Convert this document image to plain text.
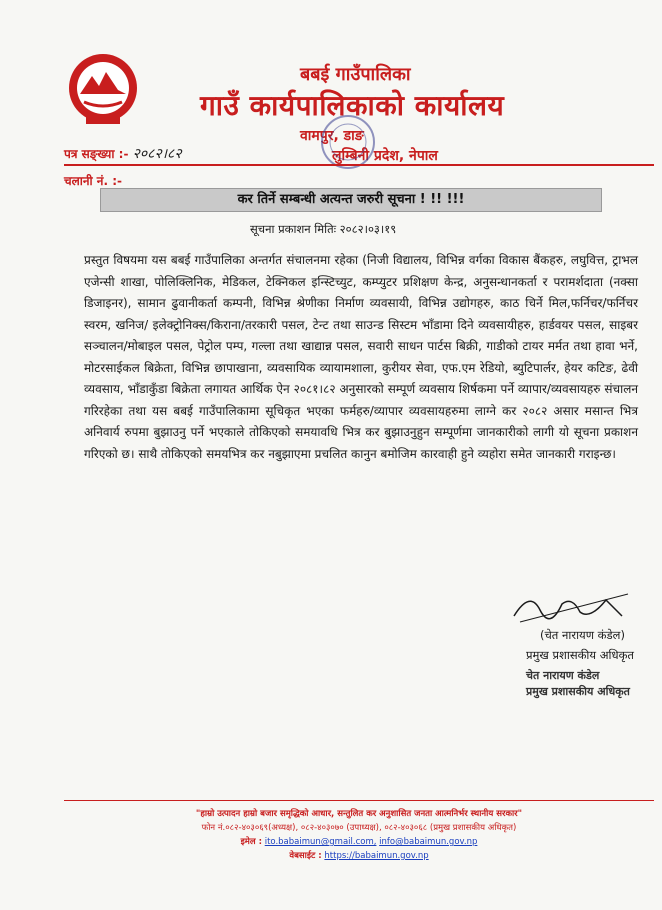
बबई गाउँपालिका
गाउँ कार्यपालिकाको कार्यालय
वामपुर, डाङ
लुम्बिनी प्रदेश, नेपाल
पत्र सङ्ख्या :- २०८२।८२
चलानी नं. :-
कर तिर्ने सम्बन्धी अत्यन्त जरुरी सूचना ! !! !!!
सूचना प्रकाशन मितिः २०८२।०३।१९
प्रस्तुत विषयमा यस बबई गाउँपालिका अन्तर्गत संचालनमा रहेका (निजी विद्यालय, विभिन्न वर्गका विकास बैंकहरु, लघुवित्त, ट्राभल एजेन्सी शाखा, पोलिक्लिनिक, मेडिकल, टेक्निकल इन्स्टिच्युट, कम्प्युटर प्रशिक्षण केन्द्र, अनुसन्धानकर्ता र परामर्शदाता (नक्सा डिजाइनर), सामान ढुवानीकर्ता कम्पनी, विभिन्न श्रेणीका निर्माण व्यवसायी, विभिन्न उद्योगहरु, काठ चिर्ने मिल,फर्निचर/फर्निचर स्वरम, खनिज/ इलेक्ट्रोनिक्स/किराना/तरकारी पसल, टेन्ट तथा साउन्ड सिस्टम भाँडामा दिने व्यवसायीहरु, हार्डवयर पसल, साइबर सञ्चालन/मोबाइल पसल, पेट्रोल पम्प, गल्ला तथा खाद्यान्न पसल, सवारी साधन पार्टस बिक्री, गाडीको टायर मर्मत तथा हावा भर्ने, मोटरसाईकल बिक्रेता, विभिन्न छापाखाना, व्यवसायिक व्यायामशाला, कुरीयर सेवा, एफ.एम रेडियो, ब्युटिपार्लर, हेयर कटिङ, ढेवी व्यवसाय, भाँडाकुँडा बिक्रेता लगायत आर्थिक ऐन २०८१।८२ अनुसारको सम्पूर्ण व्यवसाय शिर्षकमा पर्ने व्यापार/व्यवसायहरु संचालन गरिरहेका तथा यस बबई गाउँपालिकामा सूचिकृत भएका फर्महरु/व्यापार व्यवसायहरुमा लाग्ने कर २०८२ असार मसान्त भित्र अनिवार्य रुपमा बुझाउनु पर्ने भएकाले तोकिएको समयावधि भित्र कर बुझाउनुहुन सम्पूर्णमा जानकारीको लागी यो सूचना प्रकाशन गरिएको छ। साथै तोकिएको समयभित्र कर नबुझाएमा प्रचलित कानुन बमोजिम कारवाही हुने व्यहोरा समेत जानकारी गराइन्छ।
(चेत नारायण कंडेल)
प्रमुख प्रशासकीय अधिकृत
चेत नारायण कंडेल
प्रमुख प्रशासकीय अधिकृत
"हाम्रो उत्पादन हाम्रो बजार समृद्धिको आधार, सन्तुलित कर अनुशासित जनता आत्मनिर्भर स्थानीय सरकार"
फोन नं.०८२-४०३०६९(अध्यक्ष), ०८२-४०३०७० (उपाध्यक्ष), ०८२-४०३०६८ (प्रमुख प्रशासकीय अधिकृत)
इमेल : ito.babaimun@gmail.com, info@babaimun.gov.np
वेबसाईट : https://babaimun.gov.np
